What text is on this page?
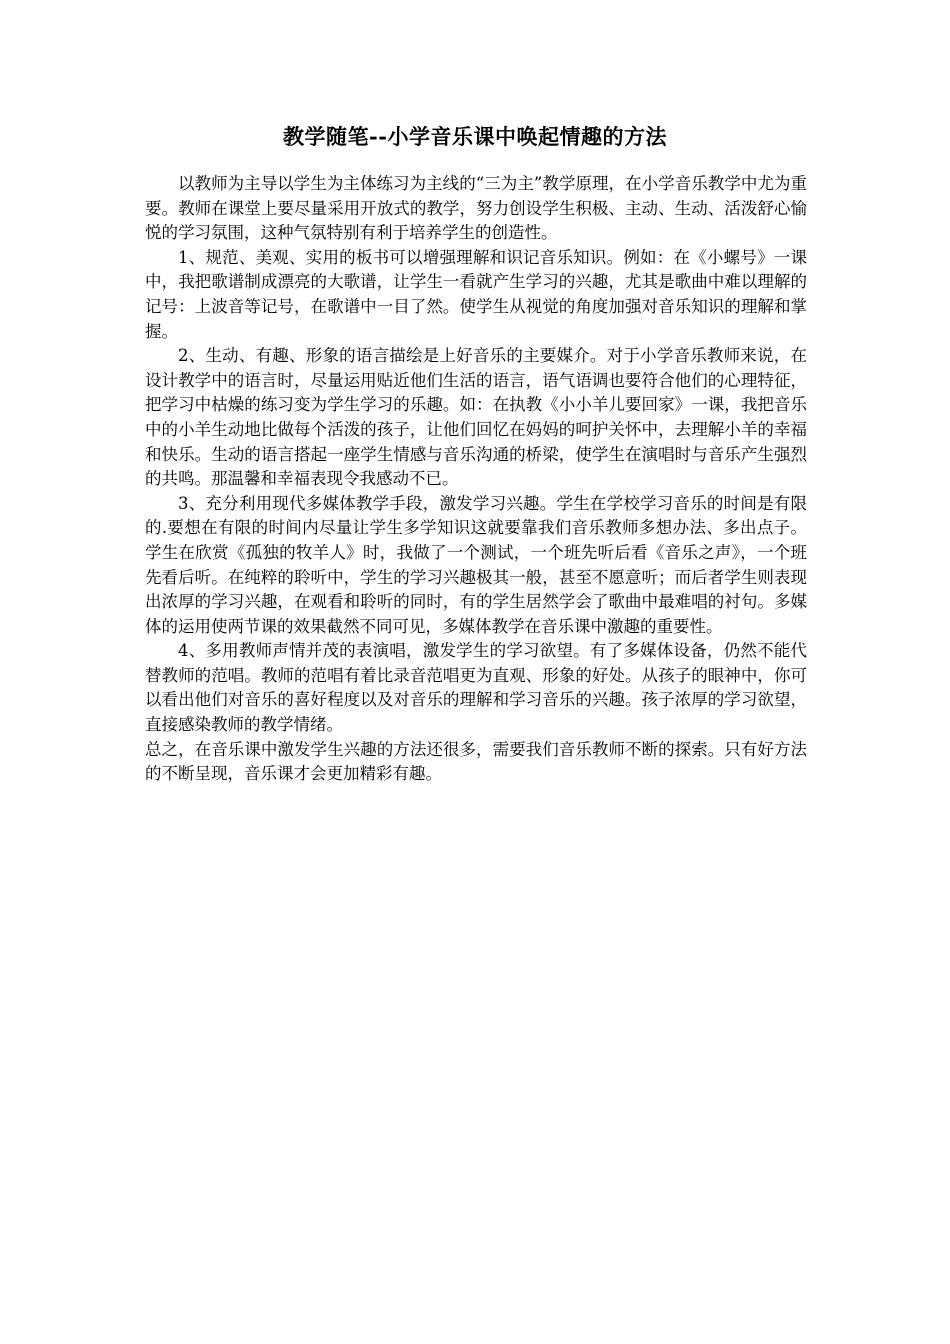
教学随笔--小学音乐课中唤起情趣的方法

以教师为主导以学生为主体练习为主线的“三为主”教学原理，在小学音乐教学中尤为重要。教师在课堂上要尽量采用开放式的教学，努力创设学生积极、主动、生动、活泼舒心愉悦的学习氛围，这种气氛特别有利于培养学生的创造性。

1、规范、美观、实用的板书可以增强理解和识记音乐知识。例如：在《小螺号》一课中，我把歌谱制成漂亮的大歌谱，让学生一看就产生学习的兴趣，尤其是歌曲中难以理解的记号：上波音等记号，在歌谱中一目了然。使学生从视觉的角度加强对音乐知识的理解和掌握。

2、生动、有趣、形象的语言描绘是上好音乐的主要媒介。对于小学音乐教师来说，在设计教学中的语言时，尽量运用贴近他们生活的语言，语气语调也要符合他们的心理特征，把学习中枯燥的练习变为学生学习的乐趣。如：在执教《小小羊儿要回家》一课，我把音乐中的小羊生动地比做每个活泼的孩子，让他们回忆在妈妈的呵护关怀中，去理解小羊的幸福和快乐。生动的语言搭起一座学生情感与音乐沟通的桥梁，使学生在演唱时与音乐产生强烈的共鸣。那温馨和幸福表现令我感动不已。

3、充分利用现代多媒体教学手段，激发学习兴趣。学生在学校学习音乐的时间是有限的.要想在有限的时间内尽量让学生多学知识这就要靠我们音乐教师多想办法、多出点子。学生在欣赏《孤独的牧羊人》时，我做了一个测试，一个班先听后看《音乐之声》，一个班先看后听。在纯粹的聆听中，学生的学习兴趣极其一般，甚至不愿意听；而后者学生则表现出浓厚的学习兴趣，在观看和聆听的同时，有的学生居然学会了歌曲中最难唱的衬句。多媒体的运用使两节课的效果截然不同可见，多媒体教学在音乐课中激趣的重要性。

4、多用教师声情并茂的表演唱，激发学生的学习欲望。有了多媒体设备，仍然不能代替教师的范唱。教师的范唱有着比录音范唱更为直观、形象的好处。从孩子的眼神中，你可以看出他们对音乐的喜好程度以及对音乐的理解和学习音乐的兴趣。孩子浓厚的学习欲望，直接感染教师的教学情绪。

总之，在音乐课中激发学生兴趣的方法还很多，需要我们音乐教师不断的探索。只有好方法的不断呈现，音乐课才会更加精彩有趣。
